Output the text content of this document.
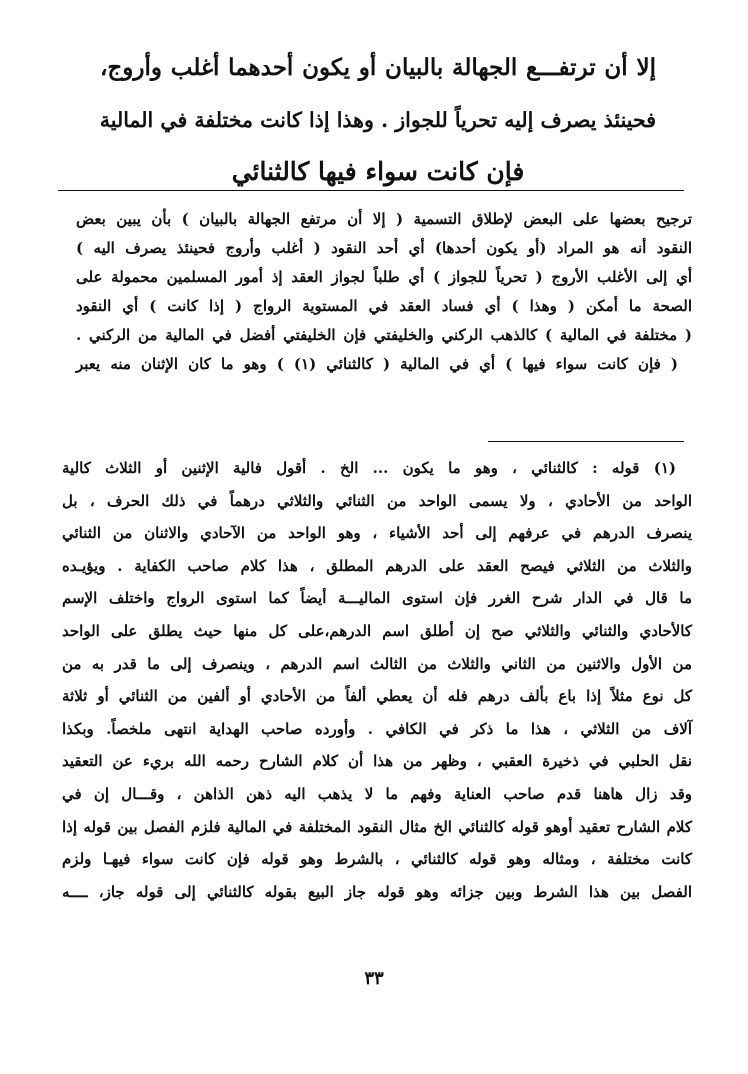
إلا أن ترتفـــع الجهالة بالبيان أو يكون أحدهما أغلب وأروج،
فحينئذ يصرف إليه تحرياً للجواز . وهذا إذا كانت مختلفة في المالية
فإن كانت سواء فيها كالثنائي
ترجيح بعضها على البعض لإطلاق التسمية ( إلا أن مرتفع الجهالة بالبيان ) بأن يبين بعض
النقود أنه هو المراد (أو يكون أحدها) أي أحد النقود ( أغلب وأروج فحينئذ يصرف اليه )
أي إلى الأغلب الأروج ( تحرياً للجواز ) أي طلباً لجواز العقد إذ أمور المسلمين محمولة على
الصحة ما أمكن ( وهذا ) أي فساد العقد في المستوية الرواج ( إذا كانت ) أي النقود
( مختلفة في المالية ) كالذهب الركني والخليفتي فإن الخليفتي أفضل في المالية من الركني .
( فإن كانت سواء فيها ) أي في المالية ( كالثنائي (١) ) وهو ما كان الإثنان منه يعبر
(١) قوله : كالثنائي ، وهو ما يكون ... الخ . أقول فالية الإثنين أو الثلاث كالية
الواحد من الأحادي ، ولا يسمى الواحد من الثنائي والثلاثي درهماً في ذلك الحرف ، بل
ينصرف الدرهم في عرفهم إلى أحد الأشياء ، وهو الواحد من الآحادي والاثنان من الثنائي
والثلاث من الثلاثي فيصح العقد على الدرهم المطلق ، هذا كلام صاحب الكفاية . ويؤيـده
ما قال في الدار شرح الغرر فإن استوى الماليـــة أيضاً كما استوى الرواج واختلف الإسم
كالأحادي والثنائي والثلاثي صح إن أطلق اسم الدرهم،على كل منها حيث يطلق على الواحد
من الأول والاثنين من الثاني والثلاث من الثالث اسم الدرهم ، وينصرف إلى ما قدر به من
كل نوع مثلاً إذا باع بألف درهم فله أن يعطي ألفاً من الأحادي أو ألفين من الثنائي أو ثلاثة
آلاف من الثلاثي ، هذا ما ذكر في الكافي . وأورده صاحب الهداية انتهى ملخصاً. وبكذا
نقل الحلبي في ذخيرة العقبي ، وظهر من هذا أن كلام الشارح رحمه الله بريء عن التعقيد
وقد زال هاهنا قدم صاحب العناية وفهم ما لا يذهب اليه ذهن الذاهن ، وقـــال إن في
كلام الشارح تعقيد أوهو قوله كالثنائي الخ مثال النقود المختلفة في المالية فلزم الفصل بين قوله إذا
كانت مختلفة ، ومثاله وهو قوله كالثنائي ، بالشرط وهو قوله فإن كانت سواء فيهـا ولزم
الفصل بين هذا الشرط وبين جزائه وهو قوله جاز البيع بقوله كالثنائي إلى قوله جاز، ــــه
٣٣
